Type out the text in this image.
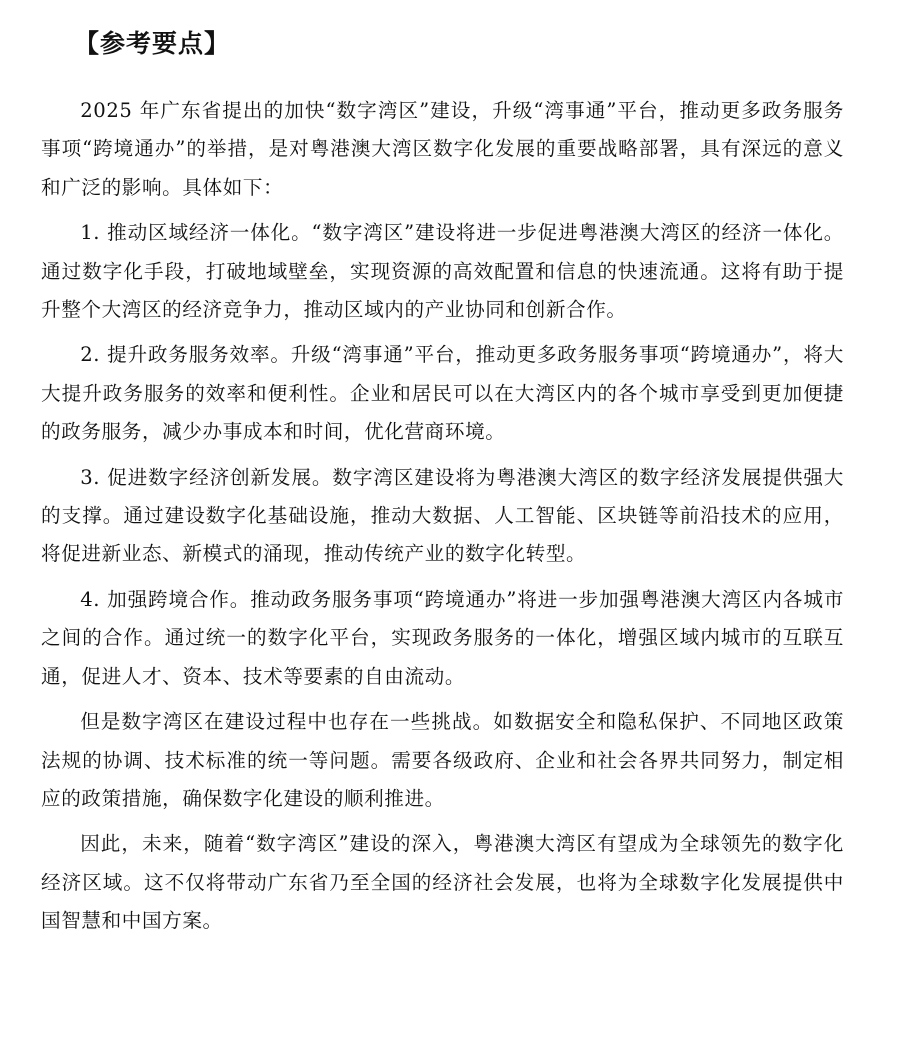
【参考要点】

2025 年广东省提出的加快“数字湾区”建设，升级“湾事通”平台，推动更多政务服务事项“跨境通办”的举措，是对粤港澳大湾区数字化发展的重要战略部署，具有深远的意义和广泛的影响。具体如下：

1. 推动区域经济一体化。“数字湾区”建设将进一步促进粤港澳大湾区的经济一体化。通过数字化手段，打破地域壁垒，实现资源的高效配置和信息的快速流通。这将有助于提升整个大湾区的经济竞争力，推动区域内的产业协同和创新合作。

2. 提升政务服务效率。升级“湾事通”平台，推动更多政务服务事项“跨境通办”，将大大提升政务服务的效率和便利性。企业和居民可以在大湾区内的各个城市享受到更加便捷的政务服务，减少办事成本和时间，优化营商环境。

3. 促进数字经济创新发展。数字湾区建设将为粤港澳大湾区的数字经济发展提供强大的支撑。通过建设数字化基础设施，推动大数据、人工智能、区块链等前沿技术的应用，将促进新业态、新模式的涌现，推动传统产业的数字化转型。

4. 加强跨境合作。推动政务服务事项“跨境通办”将进一步加强粤港澳大湾区内各城市之间的合作。通过统一的数字化平台，实现政务服务的一体化，增强区域内城市的互联互通，促进人才、资本、技术等要素的自由流动。

但是数字湾区在建设过程中也存在一些挑战。如数据安全和隐私保护、不同地区政策法规的协调、技术标准的统一等问题。需要各级政府、企业和社会各界共同努力，制定相应的政策措施，确保数字化建设的顺利推进。

因此，未来，随着“数字湾区”建设的深入，粤港澳大湾区有望成为全球领先的数字化经济区域。这不仅将带动广东省乃至全国的经济社会发展，也将为全球数字化发展提供中国智慧和中国方案。
